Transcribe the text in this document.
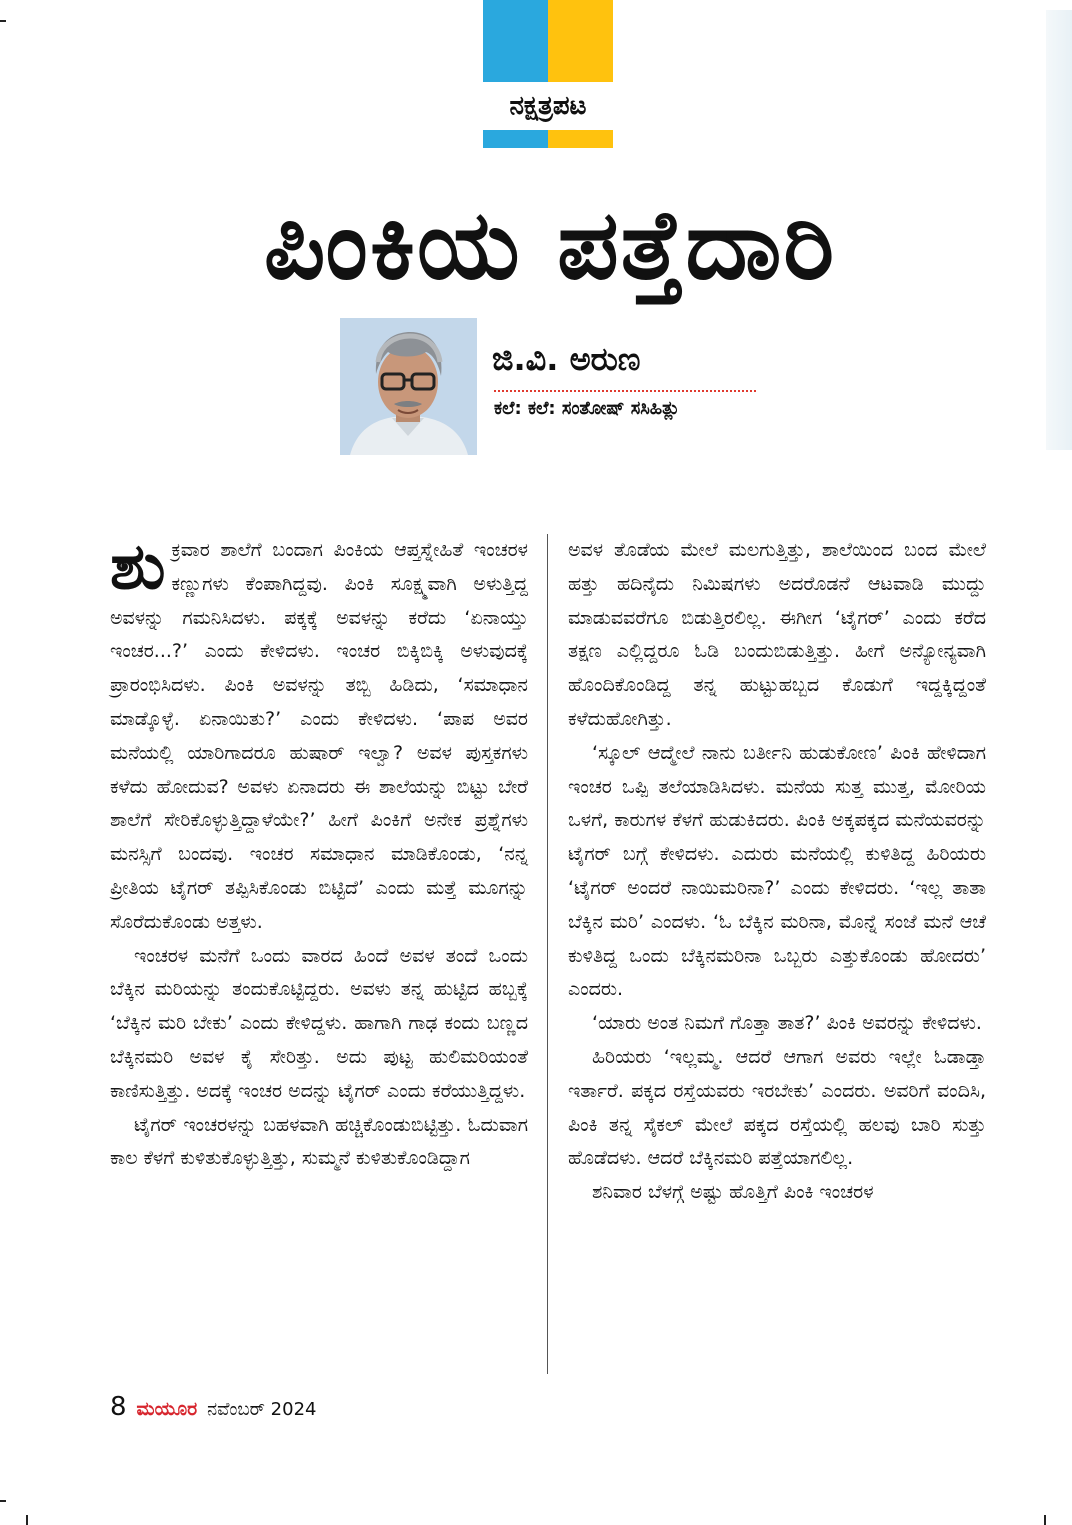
ನಕ್ಷತ್ರಪಟ
ಪಿಂಕಿಯ ಪತ್ತೆದಾರಿ
ಜಿ.ವಿ. ಅರುಣ
ಕಲೆ: ಕಲೆ: ಸಂತೋಷ್ ಸಸಿಹಿತ್ಲು

ಶುಕ್ರವಾರ ಶಾಲೆಗೆ ಬಂದಾಗ ಪಿಂಕಿಯ ಆಪ್ತಸ್ನೇಹಿತೆ ಇಂಚರಳ ಕಣ್ಣುಗಳು ಕೆಂಪಾಗಿದ್ದವು. ಪಿಂಕಿ ಸೂಕ್ಷ್ಮವಾಗಿ ಅಳುತ್ತಿದ್ದ ಅವಳನ್ನು ಗಮನಿಸಿದಳು. ಪಕ್ಕಕ್ಕೆ ಅವಳನ್ನು ಕರೆದು ‘ಏನಾಯ್ತು ಇಂಚರ...?’ ಎಂದು ಕೇಳಿದಳು. ಇಂಚರ ಬಿಕ್ಕಿಬಿಕ್ಕಿ ಅಳುವುದಕ್ಕೆ ಪ್ರಾರಂಭಿಸಿದಳು. ಪಿಂಕಿ ಅವಳನ್ನು ತಬ್ಬಿ ಹಿಡಿದು, ‘ಸಮಾಧಾನ ಮಾಡ್ಕೊಳ್ಳೆ. ಏನಾಯಿತು?’ ಎಂದು ಕೇಳಿದಳು. ‘ಪಾಪ ಅವರ ಮನೆಯಲ್ಲಿ ಯಾರಿಗಾದರೂ ಹುಷಾರ್ ಇಲ್ವಾ? ಅವಳ ಪುಸ್ತಕಗಳು ಕಳೆದು ಹೋದುವ? ಅವಳು ಏನಾದರು ಈ ಶಾಲೆಯನ್ನು ಬಿಟ್ಟು ಬೇರೆ ಶಾಲೆಗೆ ಸೇರಿಕೊಳ್ಳುತ್ತಿದ್ದಾಳೆಯೇ?’ ಹೀಗೆ ಪಿಂಕಿಗೆ ಅನೇಕ ಪ್ರಶ್ನೆಗಳು ಮನಸ್ಸಿಗೆ ಬಂದವು. ಇಂಚರ ಸಮಾಧಾನ ಮಾಡಿಕೊಂಡು, ‘ನನ್ನ ಪ್ರೀತಿಯ ಟೈಗರ್ ತಪ್ಪಿಸಿಕೊಂಡು ಬಿಟ್ಟಿದೆ’ ಎಂದು ಮತ್ತೆ ಮೂಗನ್ನು ಸೊರೆದುಕೊಂಡು ಅತ್ತಳು.

ಇಂಚರಳ ಮನೆಗೆ ಒಂದು ವಾರದ ಹಿಂದೆ ಅವಳ ತಂದೆ ಒಂದು ಬೆಕ್ಕಿನ ಮರಿಯನ್ನು ತಂದುಕೊಟ್ಟಿದ್ದರು. ಅವಳು ತನ್ನ ಹುಟ್ಟಿದ ಹಬ್ಬಕ್ಕೆ ‘ಬೆಕ್ಕಿನ ಮರಿ ಬೇಕು’ ಎಂದು ಕೇಳಿದ್ದಳು. ಹಾಗಾಗಿ ಗಾಢ ಕಂದು ಬಣ್ಣದ ಬೆಕ್ಕಿನಮರಿ ಅವಳ ಕೈ ಸೇರಿತ್ತು. ಅದು ಪುಟ್ಟ ಹುಲಿಮರಿಯಂತೆ ಕಾಣಿಸುತ್ತಿತ್ತು. ಅದಕ್ಕೆ ಇಂಚರ ಅದನ್ನು ಟೈಗರ್ ಎಂದು ಕರೆಯುತ್ತಿದ್ದಳು.

ಟೈಗರ್ ಇಂಚರಳನ್ನು ಬಹಳವಾಗಿ ಹಚ್ಚಿಕೊಂಡುಬಿಟ್ಟಿತ್ತು. ಓದುವಾಗ ಕಾಲ ಕೆಳಗೆ ಕುಳಿತುಕೊಳ್ಳುತ್ತಿತ್ತು, ಸುಮ್ಮನೆ ಕುಳಿತುಕೊಂಡಿದ್ದಾಗ

ಅವಳ ತೊಡೆಯ ಮೇಲೆ ಮಲಗುತ್ತಿತ್ತು, ಶಾಲೆಯಿಂದ ಬಂದ ಮೇಲೆ ಹತ್ತು ಹದಿನೈದು ನಿಮಿಷಗಳು ಅದರೊಡನೆ ಆಟವಾಡಿ ಮುದ್ದು ಮಾಡುವವರೆಗೂ ಬಿಡುತ್ತಿರಲಿಲ್ಲ. ಈಗೀಗ ‘ಟೈಗರ್’ ಎಂದು ಕರೆದ ತಕ್ಷಣ ಎಲ್ಲಿದ್ದರೂ ಓಡಿ ಬಂದುಬಿಡುತ್ತಿತ್ತು. ಹೀಗೆ ಅನ್ಯೋನ್ಯವಾಗಿ ಹೊಂದಿಕೊಂಡಿದ್ದ ತನ್ನ ಹುಟ್ಟುಹಬ್ಬದ ಕೊಡುಗೆ ಇದ್ದಕ್ಕಿದ್ದಂತೆ ಕಳೆದುಹೋಗಿತ್ತು.

‘ಸ್ಕೂಲ್ ಆದ್ಮೇಲೆ ನಾನು ಬರ್ತೀನಿ ಹುಡುಕೋಣ’ ಪಿಂಕಿ ಹೇಳಿದಾಗ ಇಂಚರ ಒಪ್ಪಿ ತಲೆಯಾಡಿಸಿದಳು. ಮನೆಯ ಸುತ್ತ ಮುತ್ತ, ಮೋರಿಯ ಒಳಗೆ, ಕಾರುಗಳ ಕೆಳಗೆ ಹುಡುಕಿದರು. ಪಿಂಕಿ ಅಕ್ಕಪಕ್ಕದ ಮನೆಯವರನ್ನು ಟೈಗರ್ ಬಗ್ಗೆ ಕೇಳಿದಳು. ಎದುರು ಮನೆಯಲ್ಲಿ ಕುಳಿತಿದ್ದ ಹಿರಿಯರು ‘ಟೈಗರ್ ಅಂದರೆ ನಾಯಿಮರಿನಾ?’ ಎಂದು ಕೇಳಿದರು. ‘ಇಲ್ಲ ತಾತಾ ಬೆಕ್ಕಿನ ಮರಿ’ ಎಂದಳು. ‘ಓ ಬೆಕ್ಕಿನ ಮರಿನಾ, ಮೊನ್ನೆ ಸಂಜೆ ಮನೆ ಆಚೆ ಕುಳಿತಿದ್ದ ಒಂದು ಬೆಕ್ಕಿನಮರಿನಾ ಒಬ್ಬರು ಎತ್ತುಕೊಂಡು ಹೋದರು’ ಎಂದರು.

‘ಯಾರು ಅಂತ ನಿಮಗೆ ಗೊತ್ತಾ ತಾತ?’ ಪಿಂಕಿ ಅವರನ್ನು ಕೇಳಿದಳು.

ಹಿರಿಯರು ‘ಇಲ್ಲಮ್ಮ. ಆದರೆ ಆಗಾಗ ಅವರು ಇಲ್ಲೇ ಓಡಾಡ್ತಾ ಇರ್ತಾರೆ. ಪಕ್ಕದ ರಸ್ತೆಯವರು ಇರಬೇಕು’ ಎಂದರು. ಅವರಿಗೆ ವಂದಿಸಿ, ಪಿಂಕಿ ತನ್ನ ಸೈಕಲ್ ಮೇಲೆ ಪಕ್ಕದ ರಸ್ತೆಯಲ್ಲಿ ಹಲವು ಬಾರಿ ಸುತ್ತು ಹೊಡೆದಳು. ಆದರೆ ಬೆಕ್ಕಿನಮರಿ ಪತ್ತೆಯಾಗಲಿಲ್ಲ.

ಶನಿವಾರ ಬೆಳಗ್ಗೆ ಅಷ್ಟು ಹೊತ್ತಿಗೆ ಪಿಂಕಿ ಇಂಚರಳ

8 ಮಯೂರ ನವೆಂಬರ್ 2024
